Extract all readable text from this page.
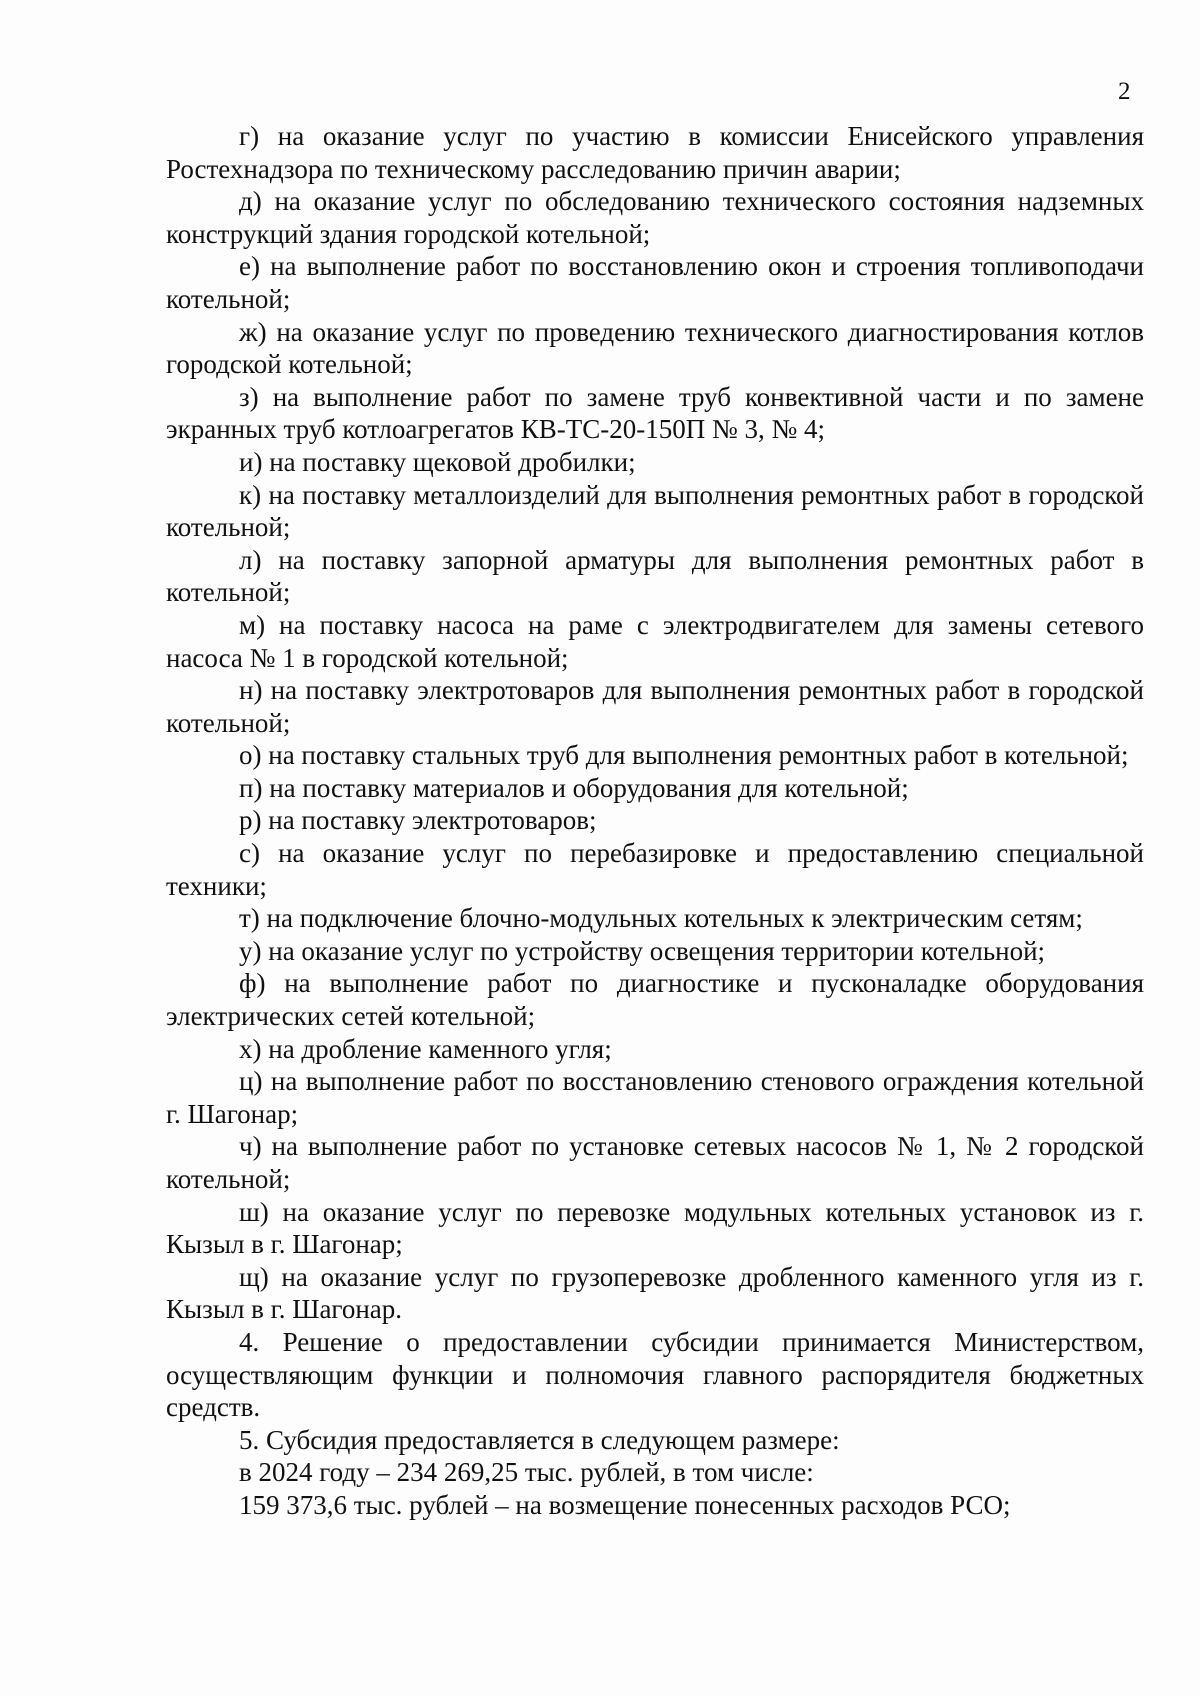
2

г) на оказание услуг по участию в комиссии Енисейского управления Ростехнадзора по техническому расследованию причин аварии;

д) на оказание услуг по обследованию технического состояния надземных конструкций здания городской котельной;

е) на выполнение работ по восстановлению окон и строения топливоподачи котельной;

ж) на оказание услуг по проведению технического диагностирования котлов городской котельной;

з) на выполнение работ по замене труб конвективной части и по замене экранных труб котлоагрегатов КВ-ТС-20-150П № 3, № 4;

и) на поставку щековой дробилки;

к) на поставку металлоизделий для выполнения ремонтных работ в городской котельной;

л) на поставку запорной арматуры для выполнения ремонтных работ в котельной;

м) на поставку насоса на раме с электродвигателем для замены сетевого насоса № 1 в городской котельной;

н) на поставку электротоваров для выполнения ремонтных работ в городской котельной;

о) на поставку стальных труб для выполнения ремонтных работ в котельной;

п) на поставку материалов и оборудования для котельной;

р) на поставку электротоваров;

с) на оказание услуг по перебазировке и предоставлению специальной техники;

т) на подключение блочно-модульных котельных к электрическим сетям;

у) на оказание услуг по устройству освещения территории котельной;

ф) на выполнение работ по диагностике и пусконаладке оборудования электрических сетей котельной;

х) на дробление каменного угля;

ц) на выполнение работ по восстановлению стенового ограждения котельной г. Шагонар;

ч) на выполнение работ по установке сетевых насосов № 1, № 2 городской котельной;

ш) на оказание услуг по перевозке модульных котельных установок из г. Кызыл в г. Шагонар;

щ) на оказание услуг по грузоперевозке дробленного каменного угля из г. Кызыл в г. Шагонар.

4. Решение о предоставлении субсидии принимается Министерством, осуществляющим функции и полномочия главного распорядителя бюджетных средств.

5. Субсидия предоставляется в следующем размере:

в 2024 году – 234 269,25 тыс. рублей, в том числе:

159 373,6 тыс. рублей – на возмещение понесенных расходов РСО;
